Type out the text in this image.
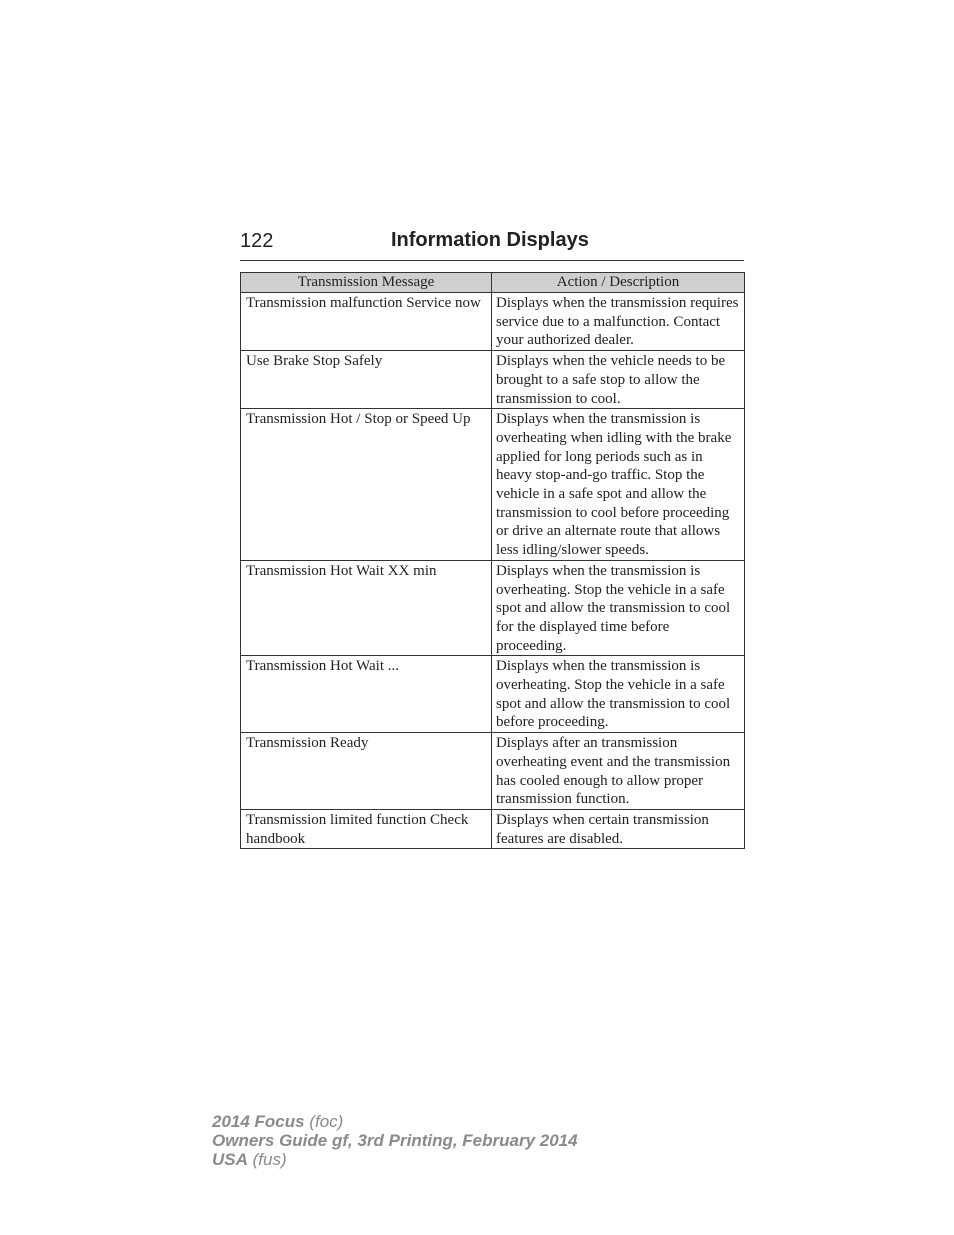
122	Information Displays
Transmission Message	Action / Description
Transmission malfunction Service now	Displays when the transmission requires service due to a malfunction. Contact your authorized dealer.
Use Brake Stop Safely	Displays when the vehicle needs to be brought to a safe stop to allow the transmission to cool.
Transmission Hot / Stop or Speed Up	Displays when the transmission is overheating when idling with the brake applied for long periods such as in heavy stop-and-go traffic. Stop the vehicle in a safe spot and allow the transmission to cool before proceeding or drive an alternate route that allows less idling/slower speeds.
Transmission Hot Wait XX min	Displays when the transmission is overheating. Stop the vehicle in a safe spot and allow the transmission to cool for the displayed time before proceeding.
Transmission Hot Wait ...	Displays when the transmission is overheating. Stop the vehicle in a safe spot and allow the transmission to cool before proceeding.
Transmission Ready	Displays after an transmission overheating event and the transmission has cooled enough to allow proper transmission function.
Transmission limited function Check handbook	Displays when certain transmission features are disabled.
2014 Focus (foc)
Owners Guide gf, 3rd Printing, February 2014
USA (fus)
